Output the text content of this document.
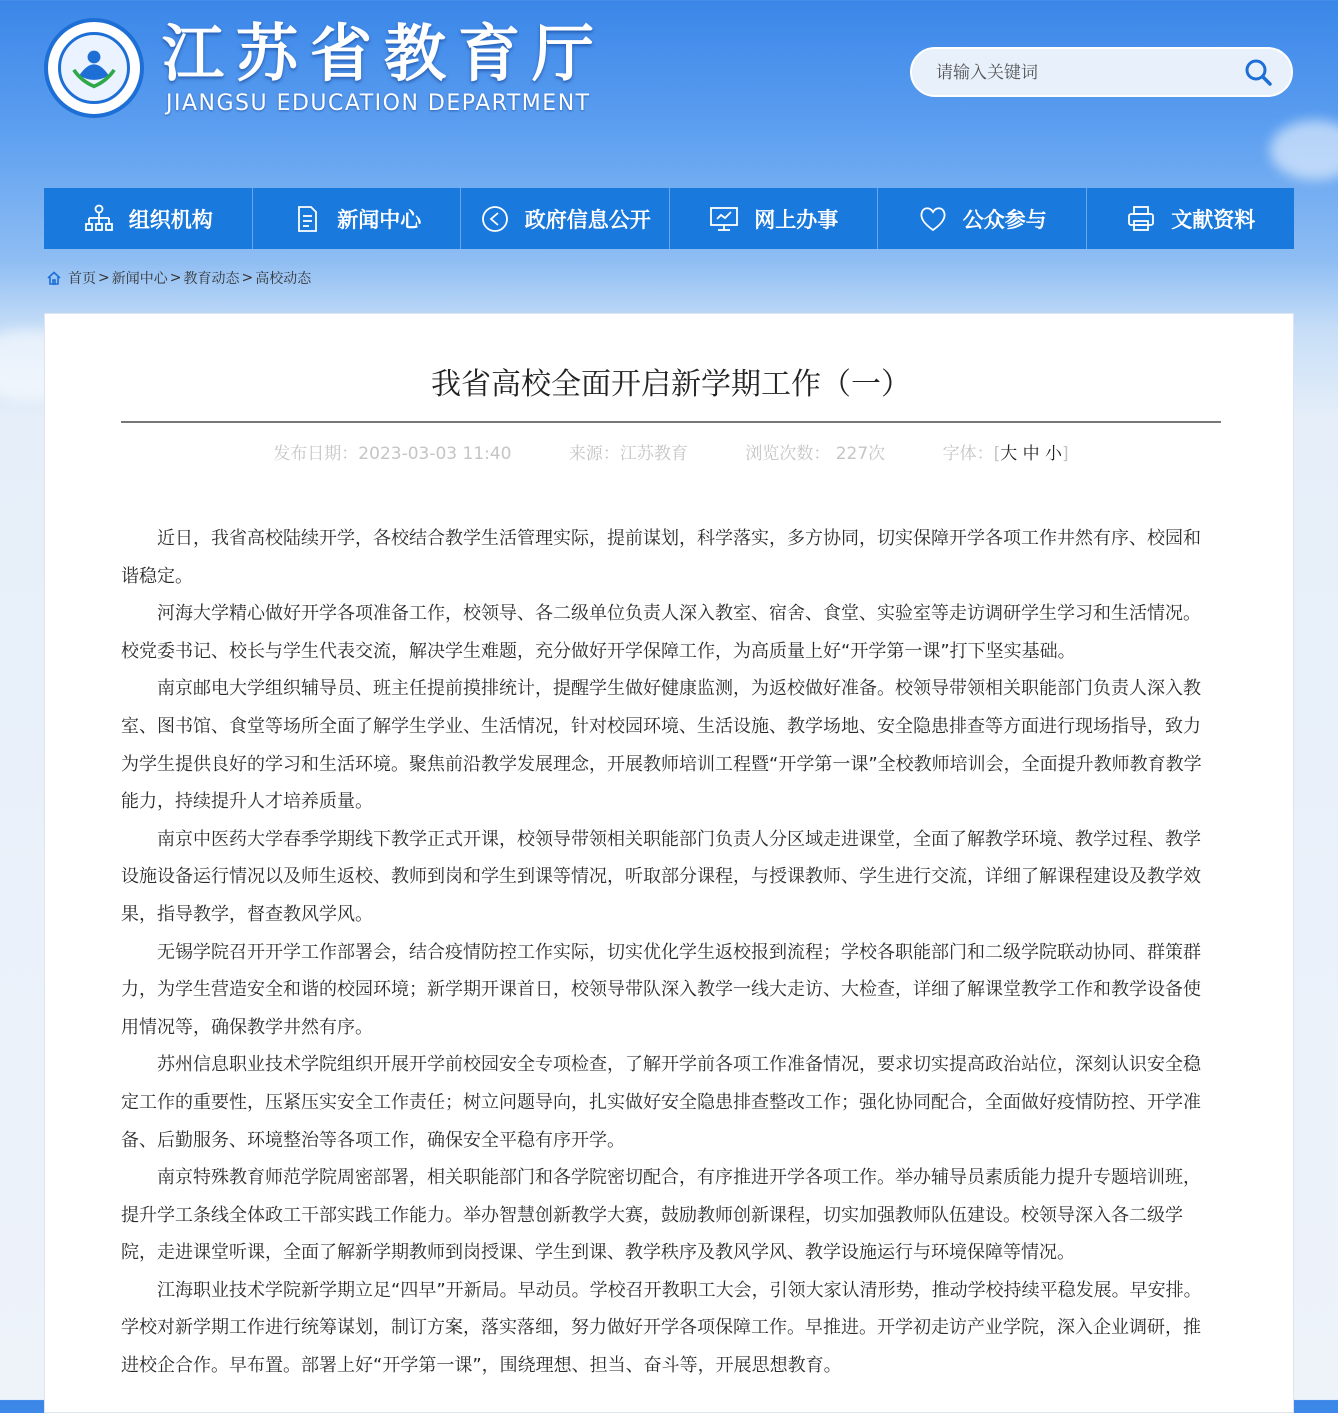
江苏省教育厅
JIANGSU EDUCATION DEPARTMENT
请输入关键词
组织机构	新闻中心	政府信息公开	网上办事	公众参与	文献资料
首页 > 新闻中心 > 教育动态 > 高校动态
我省高校全面开启新学期工作（一）
发布日期：2023-03-03 11:40	来源：江苏教育	浏览次数： 227次	字体：[大 中 小]

近日，我省高校陆续开学，各校结合教学生活管理实际，提前谋划，科学落实，多方协同，切实保障开学各项工作井然有序、校园和谐稳定。

河海大学精心做好开学各项准备工作，校领导、各二级单位负责人深入教室、宿舍、食堂、实验室等走访调研学生学习和生活情况。校党委书记、校长与学生代表交流，解决学生难题，充分做好开学保障工作，为高质量上好“开学第一课”打下坚实基础。

南京邮电大学组织辅导员、班主任提前摸排统计，提醒学生做好健康监测，为返校做好准备。校领导带领相关职能部门负责人深入教室、图书馆、食堂等场所全面了解学生学业、生活情况，针对校园环境、生活设施、教学场地、安全隐患排查等方面进行现场指导，致力为学生提供良好的学习和生活环境。聚焦前沿教学发展理念，开展教师培训工程暨“开学第一课”全校教师培训会，全面提升教师教育教学能力，持续提升人才培养质量。

南京中医药大学春季学期线下教学正式开课，校领导带领相关职能部门负责人分区域走进课堂，全面了解教学环境、教学过程、教学设施设备运行情况以及师生返校、教师到岗和学生到课等情况，听取部分课程，与授课教师、学生进行交流，详细了解课程建设及教学效果，指导教学，督查教风学风。

无锡学院召开开学工作部署会，结合疫情防控工作实际，切实优化学生返校报到流程；学校各职能部门和二级学院联动协同、群策群力，为学生营造安全和谐的校园环境；新学期开课首日，校领导带队深入教学一线大走访、大检查，详细了解课堂教学工作和教学设备使用情况等，确保教学井然有序。

苏州信息职业技术学院组织开展开学前校园安全专项检查，了解开学前各项工作准备情况，要求切实提高政治站位，深刻认识安全稳定工作的重要性，压紧压实安全工作责任；树立问题导向，扎实做好安全隐患排查整改工作；强化协同配合，全面做好疫情防控、开学准备、后勤服务、环境整治等各项工作，确保安全平稳有序开学。

南京特殊教育师范学院周密部署，相关职能部门和各学院密切配合，有序推进开学各项工作。举办辅导员素质能力提升专题培训班，提升学工条线全体政工干部实践工作能力。举办智慧创新教学大赛，鼓励教师创新课程，切实加强教师队伍建设。校领导深入各二级学院，走进课堂听课，全面了解新学期教师到岗授课、学生到课、教学秩序及教风学风、教学设施运行与环境保障等情况。

江海职业技术学院新学期立足“四早”开新局。早动员。学校召开教职工大会，引领大家认清形势，推动学校持续平稳发展。早安排。学校对新学期工作进行统筹谋划，制订方案，落实落细，努力做好开学各项保障工作。早推进。开学初走访产业学院，深入企业调研，推进校企合作。早布置。部署上好“开学第一课”，围绕理想、担当、奋斗等，开展思想教育。
